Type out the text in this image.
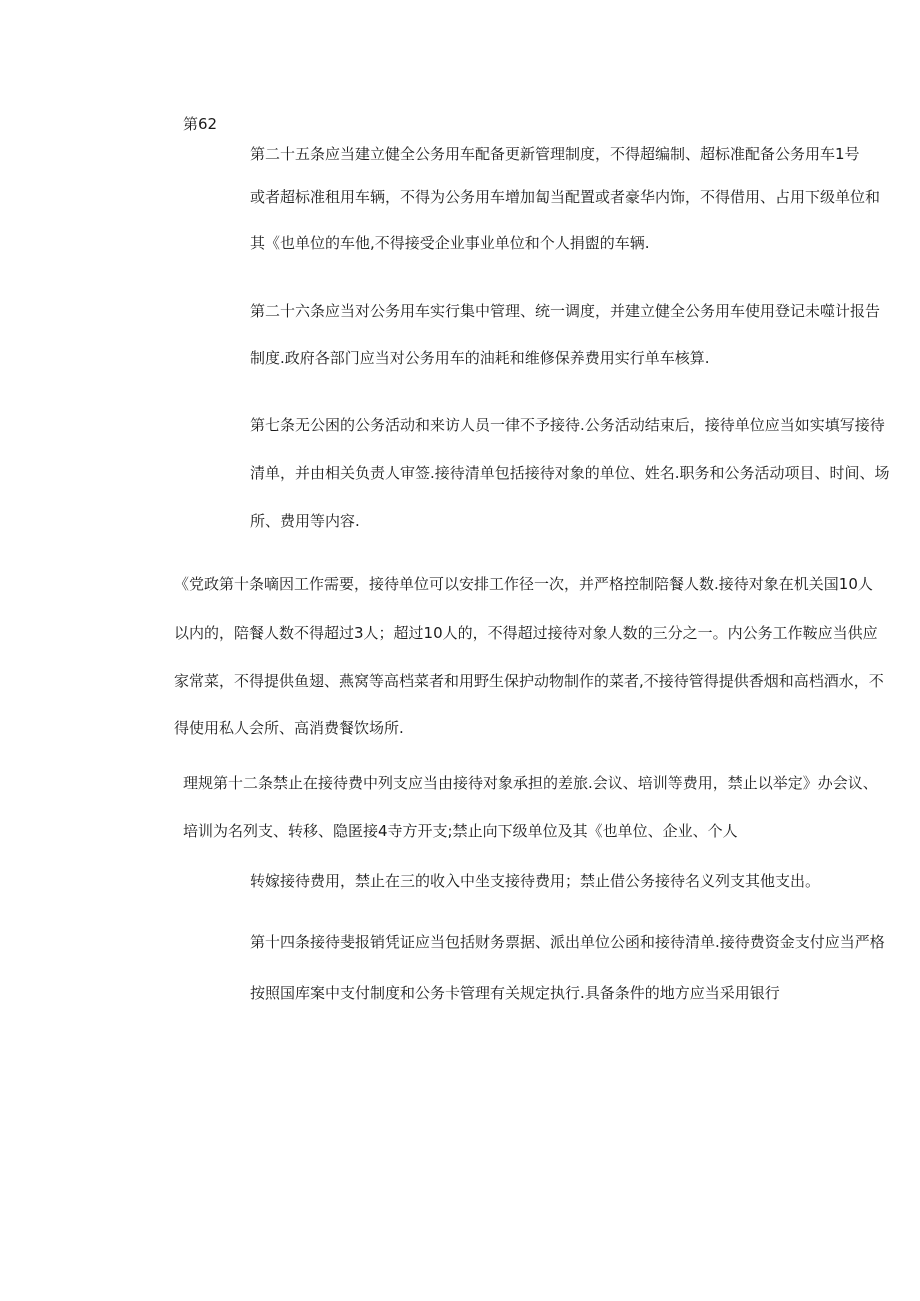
第62
第二十五条应当建立健全公务用车配备更新管理制度，不得超编制、超标准配备公务用车1号
或者超标准租用车辆，不得为公务用车增加匐当配置或者豪华内饰，不得借用、占用下级单位和
其《也单位的车他,不得接受企业事业单位和个人捐盥的车辆.
第二十六条应当对公务用车实行集中管理、统一调度，并建立健全公务用车使用登记未噬计报告
制度.政府各部门应当对公务用车的油耗和维修保养费用实行单车核算.
第七条无公困的公务活动和来访人员一律不予接待.公务活动结束后，接待单位应当如实填写接待
清单，并由相关负责人审签.接待清单包括接待对象的单位、姓名.职务和公务活动项目、时间、场
所、费用等内容.
《党政第十条嘀因工作需要，接待单位可以安排工作径一次，并严格控制陪餐人数.接待对象在机关国10人
以内的，陪餐人数不得超过3人；超过10人的，不得超过接待对象人数的三分之一。内公务工作鞍应当供应
家常菜，不得提供鱼翅、燕窝等高档菜者和用野生保护动物制作的菜者,不接待管得提供香烟和高档酒水，不
得使用私人会所、高消费餐饮场所.
理规第十二条禁止在接待费中列支应当由接待对象承担的差旅.会议、培训等费用，禁止以举定》办会议、
培训为名列支、转移、隐匿接4寺方开支;禁止向下级单位及其《也单位、企业、个人
转嫁接待费用，禁止在三的收入中坐支接待费用；禁止借公务接待名义列支其他支出。
第十四条接待斐报销凭证应当包括财务票据、派出单位公函和接待清单.接待费资金支付应当严格
按照国库案中支付制度和公务卡管理有关规定执行.具备条件的地方应当采用银行
